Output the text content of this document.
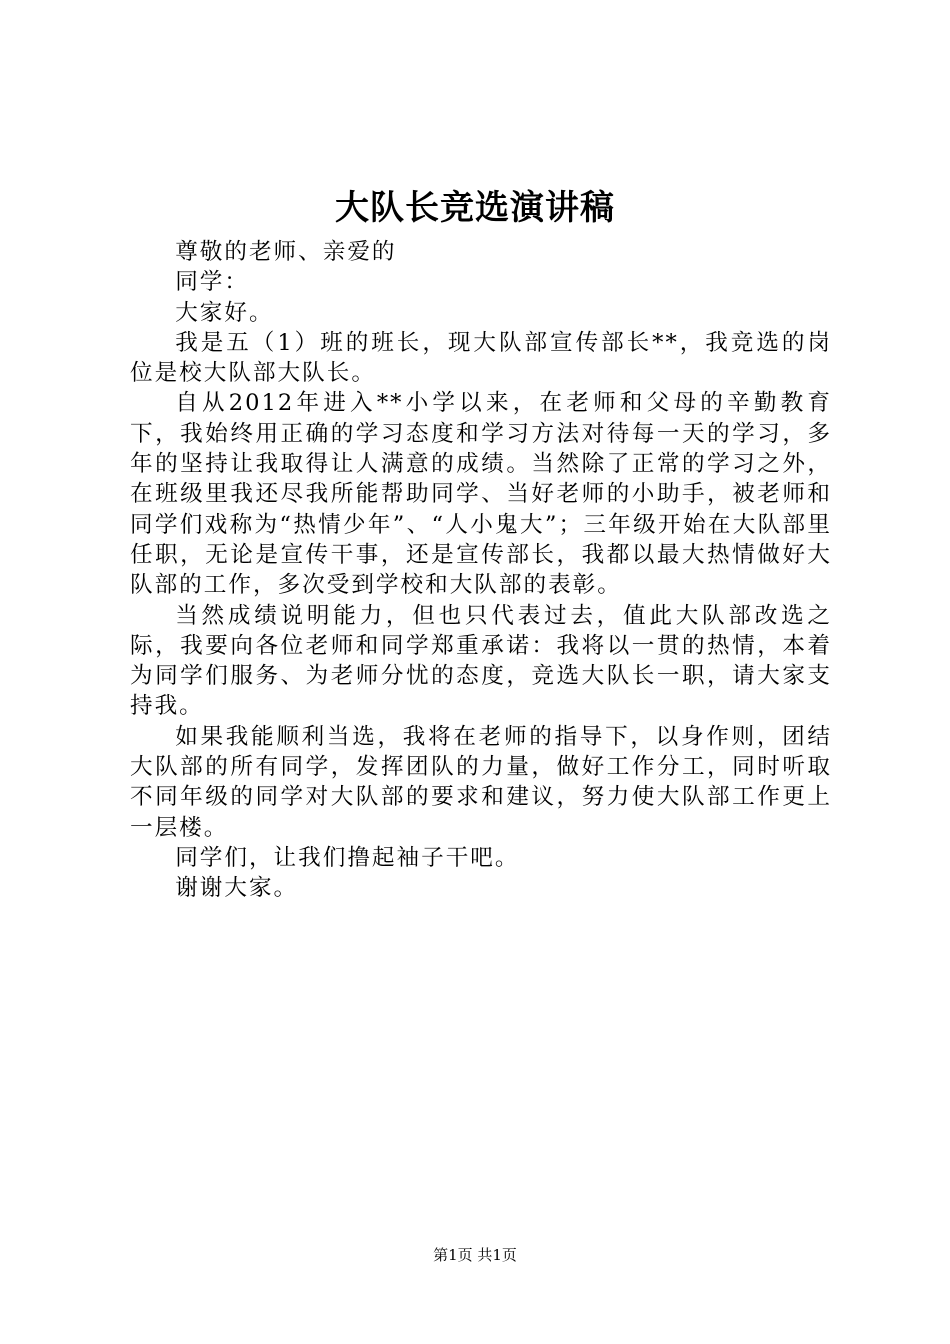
大队长竞选演讲稿

尊敬的老师、亲爱的

同学：

大家好。

我是五（1）班的班长，现大队部宣传部长**，我竞选的岗位是校大队部大队长。

自从2012年进入**小学以来，在老师和父母的辛勤教育下，我始终用正确的学习态度和学习方法对待每一天的学习，多年的坚持让我取得让人满意的成绩。当然除了正常的学习之外，在班级里我还尽我所能帮助同学、当好老师的小助手，被老师和同学们戏称为“热情少年”、“人小鬼大”；三年级开始在大队部里任职，无论是宣传干事，还是宣传部长，我都以最大热情做好大队部的工作，多次受到学校和大队部的表彰。

当然成绩说明能力，但也只代表过去，值此大队部改选之际，我要向各位老师和同学郑重承诺：我将以一贯的热情，本着为同学们服务、为老师分忧的态度，竞选大队长一职，请大家支持我。

如果我能顺利当选，我将在老师的指导下，以身作则，团结大队部的所有同学，发挥团队的力量，做好工作分工，同时听取不同年级的同学对大队部的要求和建议，努力使大队部工作更上一层楼。

同学们，让我们撸起袖子干吧。

谢谢大家。

第1页 共1页
